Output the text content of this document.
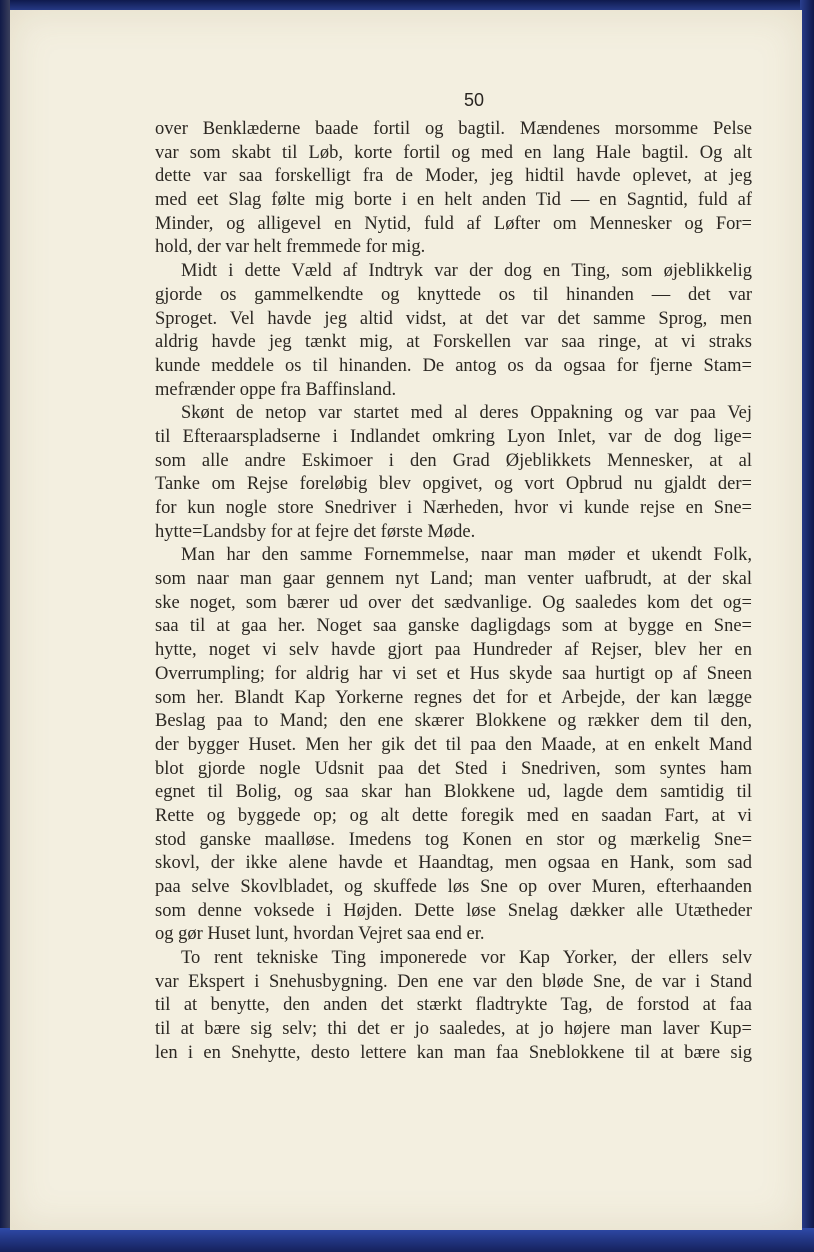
50
over Benklæderne baade fortil og bagtil. Mændenes morsomme Pelse
var som skabt til Løb, korte fortil og med en lang Hale bagtil. Og alt
dette var saa forskelligt fra de Moder, jeg hidtil havde oplevet, at jeg
med eet Slag følte mig borte i en helt anden Tid — en Sagntid, fuld af
Minder, og alligevel en Nytid, fuld af Løfter om Mennesker og For=
hold, der var helt fremmede for mig.
Midt i dette Væld af Indtryk var der dog en Ting, som øjeblikkelig
gjorde os gammelkendte og knyttede os til hinanden — det var
Sproget. Vel havde jeg altid vidst, at det var det samme Sprog, men
aldrig havde jeg tænkt mig, at Forskellen var saa ringe, at vi straks
kunde meddele os til hinanden. De antog os da ogsaa for fjerne Stam=
mefrænder oppe fra Baffinsland.
Skønt de netop var startet med al deres Oppakning og var paa Vej
til Efteraarspladserne i Indlandet omkring Lyon Inlet, var de dog lige=
som alle andre Eskimoer i den Grad Øjeblikkets Mennesker, at al
Tanke om Rejse foreløbig blev opgivet, og vort Opbrud nu gjaldt der=
for kun nogle store Snedriver i Nærheden, hvor vi kunde rejse en Sne=
hytte=Landsby for at fejre det første Møde.
Man har den samme Fornemmelse, naar man møder et ukendt Folk,
som naar man gaar gennem nyt Land; man venter uafbrudt, at der skal
ske noget, som bærer ud over det sædvanlige. Og saaledes kom det og=
saa til at gaa her. Noget saa ganske dagligdags som at bygge en Sne=
hytte, noget vi selv havde gjort paa Hundreder af Rejser, blev her en
Overrumpling; for aldrig har vi set et Hus skyde saa hurtigt op af Sneen
som her. Blandt Kap Yorkerne regnes det for et Arbejde, der kan lægge
Beslag paa to Mand; den ene skærer Blokkene og rækker dem til den,
der bygger Huset. Men her gik det til paa den Maade, at en enkelt Mand
blot gjorde nogle Udsnit paa det Sted i Snedriven, som syntes ham
egnet til Bolig, og saa skar han Blokkene ud, lagde dem samtidig til
Rette og byggede op; og alt dette foregik med en saadan Fart, at vi
stod ganske maalløse. Imedens tog Konen en stor og mærkelig Sne=
skovl, der ikke alene havde et Haandtag, men ogsaa en Hank, som sad
paa selve Skovlbladet, og skuffede løs Sne op over Muren, efterhaanden
som denne voksede i Højden. Dette løse Snelag dækker alle Utætheder
og gør Huset lunt, hvordan Vejret saa end er.
To rent tekniske Ting imponerede vor Kap Yorker, der ellers selv
var Ekspert i Snehusbygning. Den ene var den bløde Sne, de var i Stand
til at benytte, den anden det stærkt fladtrykte Tag, de forstod at faa
til at bære sig selv; thi det er jo saaledes, at jo højere man laver Kup=
len i en Snehytte, desto lettere kan man faa Sneblokkene til at bære sig
